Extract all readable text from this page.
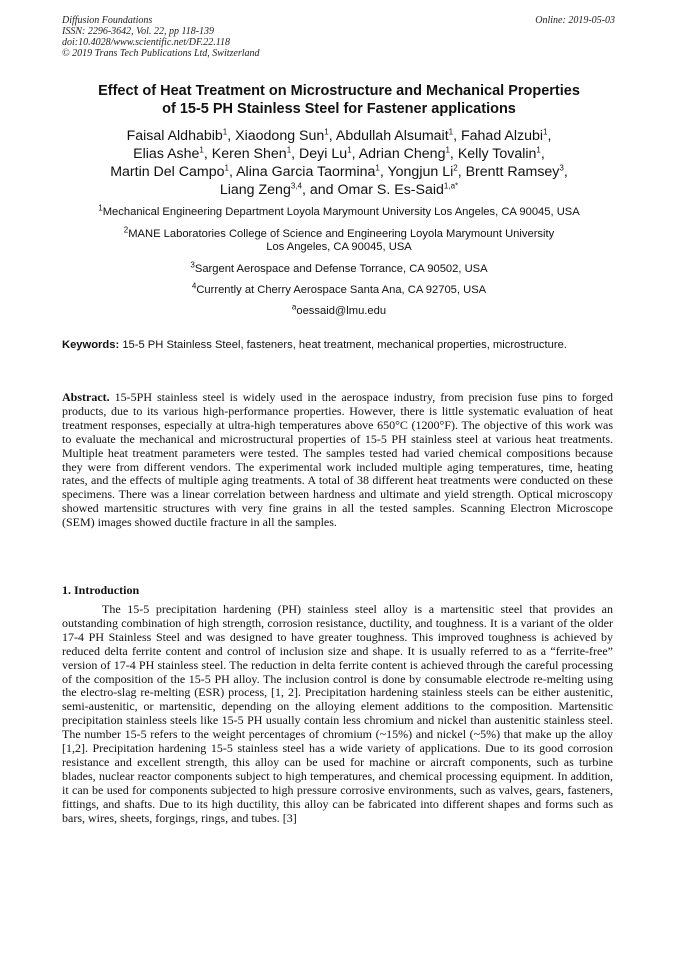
Diffusion Foundations
ISSN: 2296-3642, Vol. 22, pp 118-139
doi:10.4028/www.scientific.net/DF.22.118
© 2019 Trans Tech Publications Ltd, Switzerland
Online: 2019-05-03
Effect of Heat Treatment on Microstructure and Mechanical Properties
of 15-5 PH Stainless Steel for Fastener applications
Faisal Aldhabib$^1$, Xiaodong Sun$^1$, Abdullah Alsumait$^1$, Fahad Alzubi$^1$,
Elias Ashe$^1$, Keren Shen$^1$, Deyi Lu$^1$, Adrian Cheng$^1$, Kelly Tovalin$^1$,
Martin Del Campo$^1$, Alina Garcia Taormina$^1$, Yongjun Li$^2$, Brentt Ramsey$^3$,
Liang Zeng$^{3,4}$, and Omar S. Es-Said$^{1,a*}$
$^1$Mechanical Engineering Department Loyola Marymount University Los Angeles, CA 90045, USA
$^2$MANE Laboratories College of Science and Engineering Loyola Marymount University
Los Angeles, CA 90045, USA
$^3$Sargent Aerospace and Defense Torrance, CA 90502, USA
$^4$Currently at Cherry Aerospace Santa Ana, CA 92705, USA
$^a$oessaid@lmu.edu
Keywords: 15-5 PH Stainless Steel, fasteners, heat treatment, mechanical properties, microstructure.
Abstract. 15-5PH stainless steel is widely used in the aerospace industry, from precision fuse pins to forged products, due to its various high-performance properties. However, there is little systematic evaluation of heat treatment responses, especially at ultra-high temperatures above 650°C (1200°F). The objective of this work was to evaluate the mechanical and microstructural properties of 15-5 PH stainless steel at various heat treatments. Multiple heat treatment parameters were tested. The samples tested had varied chemical compositions because they were from different vendors. The experimental work included multiple aging temperatures, time, heating rates, and the effects of multiple aging treatments. A total of 38 different heat treatments were conducted on these specimens. There was a linear correlation between hardness and ultimate and yield strength. Optical microscopy showed martensitic structures with very fine grains in all the tested samples. Scanning Electron Microscope (SEM) images showed ductile fracture in all the samples.
1. Introduction
The 15-5 precipitation hardening (PH) stainless steel alloy is a martensitic steel that provides an outstanding combination of high strength, corrosion resistance, ductility, and toughness. It is a variant of the older 17-4 PH Stainless Steel and was designed to have greater toughness. This improved toughness is achieved by reduced delta ferrite content and control of inclusion size and shape. It is usually referred to as a “ferrite-free” version of 17-4 PH stainless steel. The reduction in delta ferrite content is achieved through the careful processing of the composition of the 15-5 PH alloy. The inclusion control is done by consumable electrode re-melting using the electro-slag re-melting (ESR) process, [1, 2]. Precipitation hardening stainless steels can be either austenitic, semi-austenitic, or martensitic, depending on the alloying element additions to the composition. Martensitic precipitation stainless steels like 15-5 PH usually contain less chromium and nickel than austenitic stainless steel. The number 15-5 refers to the weight percentages of chromium (~15%) and nickel (~5%) that make up the alloy [1,2]. Precipitation hardening 15-5 stainless steel has a wide variety of applications. Due to its good corrosion resistance and excellent strength, this alloy can be used for machine or aircraft components, such as turbine blades, nuclear reactor components subject to high temperatures, and chemical processing equipment. In addition, it can be used for components subjected to high pressure corrosive environments, such as valves, gears, fasteners, fittings, and shafts. Due to its high ductility, this alloy can be fabricated into different shapes and forms such as bars, wires, sheets, forgings, rings, and tubes. [3]
